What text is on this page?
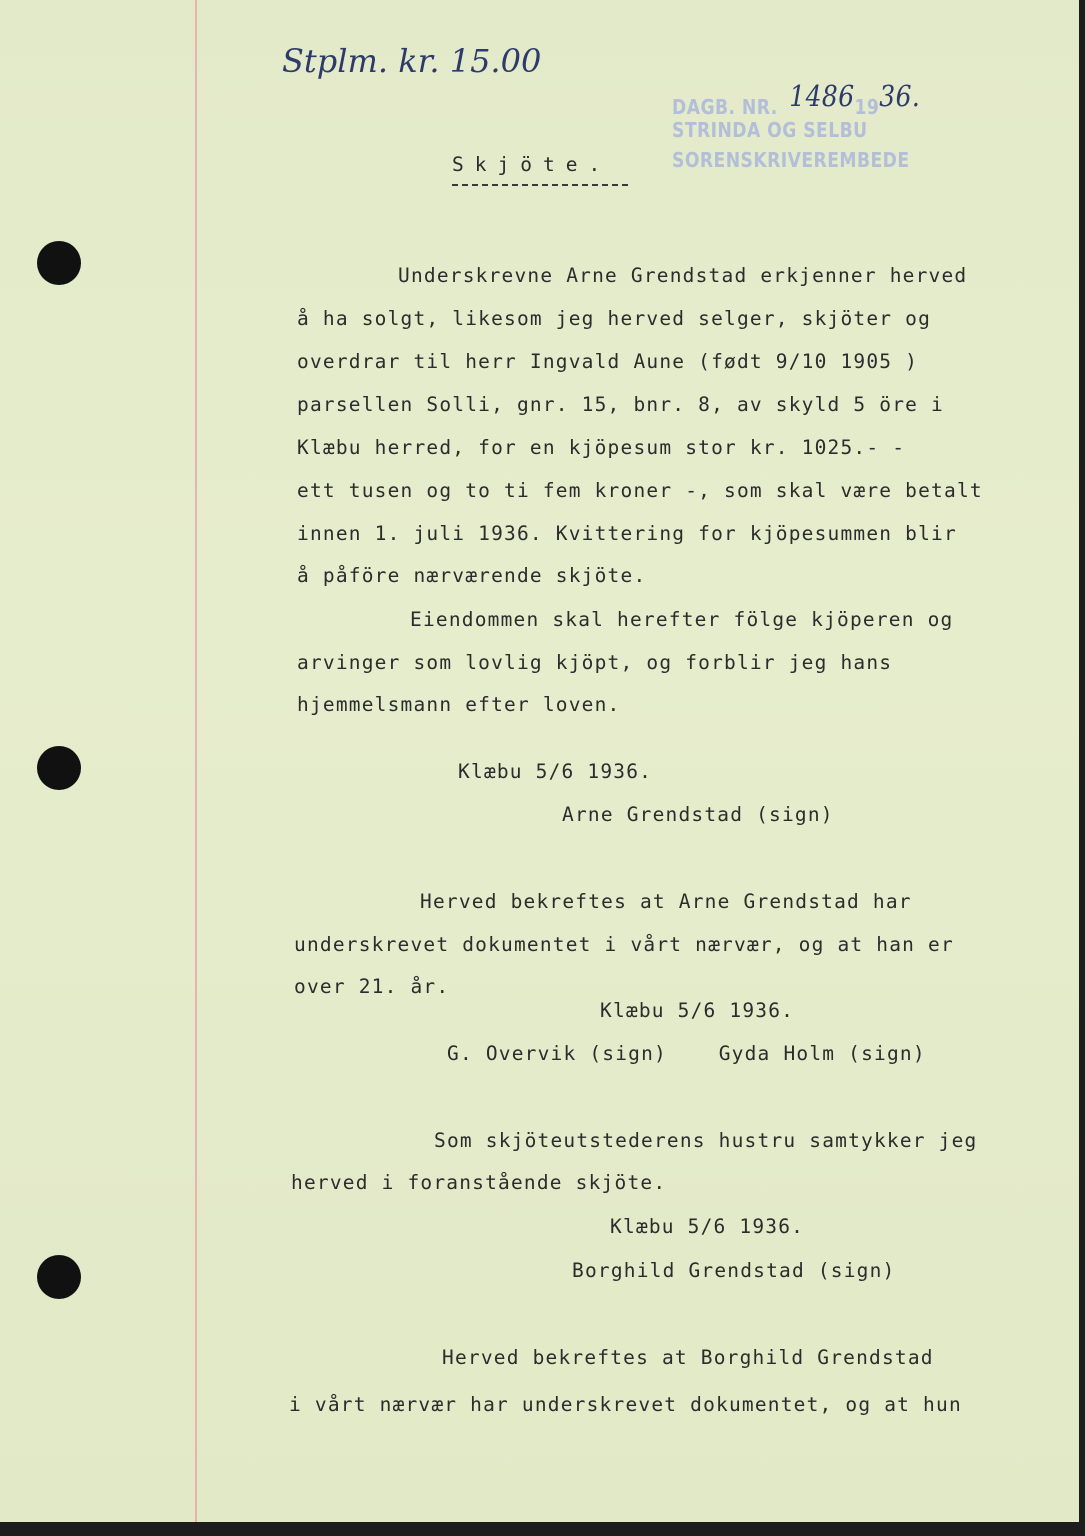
Stplm. kr. 15.00
DAGB. NR. 14861936.
STRINDA OG SELBU
SORENSKRIVEREMBEDE
Skjöte.
Underskrevne Arne Grendstad erkjenner herved
å ha solgt, likesom jeg herved selger, skjöter og
overdrar til herr Ingvald Aune (født 9/10 1905 )
parsellen Solli, gnr. 15, bnr. 8, av skyld 5 öre i
Klæbu herred, for en kjöpesum stor kr. 1025.- -
ett tusen og to ti fem kroner -, som skal være betalt
innen 1. juli 1936. Kvittering for kjöpesummen blir
å påföre nærværende skjöte.
Eiendommen skal herefter fölge kjöperen og
arvinger som lovlig kjöpt, og forblir jeg hans
hjemmelsmann efter loven.
Klæbu 5/6 1936.
Arne Grendstad (sign)
Herved bekreftes at Arne Grendstad har
underskrevet dokumentet i vårt nærvær, og at han er
over 21. år.
Klæbu 5/6 1936.
G. Overvik (sign)    Gyda Holm (sign)
Som skjöteutstederens hustru samtykker jeg
herved i foranstående skjöte.
Klæbu 5/6 1936.
Borghild Grendstad (sign)
Herved bekreftes at Borghild Grendstad
i vårt nærvær har underskrevet dokumentet, og at hun
